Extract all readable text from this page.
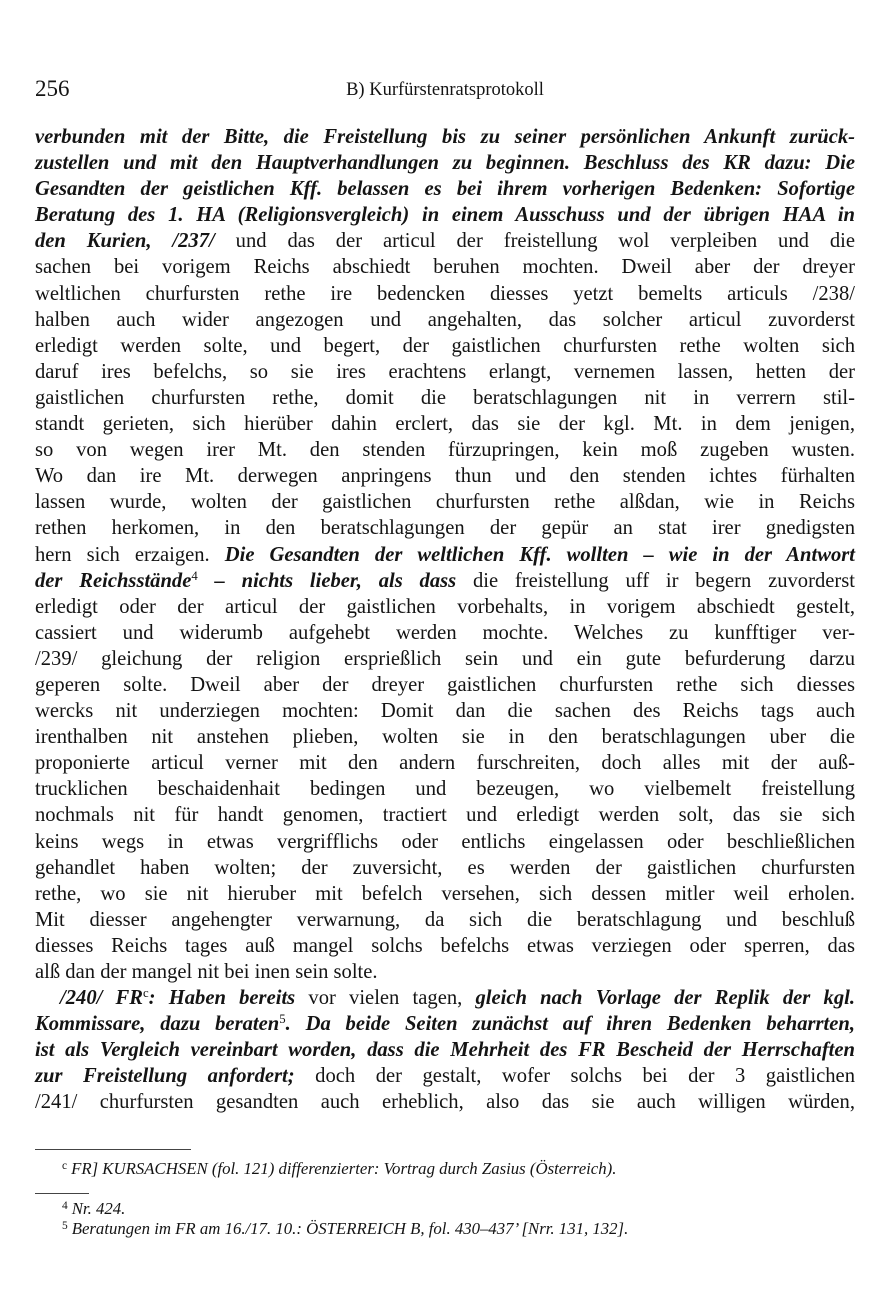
256	B) Kurfürstenratsprotokoll
verbunden mit der Bitte, die Freistellung bis zu seiner persönlichen Ankunft zurück-
zustellen und mit den Hauptverhandlungen zu beginnen. Beschluss des KR dazu: Die
Gesandten der geistlichen Kff. belassen es bei ihrem vorherigen Bedenken: Sofortige
Beratung des 1. HA (Religionsvergleich) in einem Ausschuss und der übrigen HAA in
den Kurien, /237/ und das der articul der freistellung wol verpleiben und die
sachen bei vorigem Reichs abschiedt beruhen mochten. Dweil aber der dreyer
weltlichen churfursten rethe ire bedencken diesses yetzt bemelts articuls /238/
halben auch wider angezogen und angehalten, das solcher articul zuvorderst
erledigt werden solte, und begert, der gaistlichen churfursten rethe wolten sich
daruf ires befelchs, so sie ires erachtens erlangt, vernemen lassen, hetten der
gaistlichen churfursten rethe, domit die beratschlagungen nit in verrern stil-
standt gerieten, sich hierüber dahin erclert, das sie der kgl. Mt. in dem jenigen,
so von wegen irer Mt. den stenden fürzupringen, kein moß zugeben wusten.
Wo dan ire Mt. derwegen anpringens thun und den stenden ichtes fürhalten
lassen wurde, wolten der gaistlichen churfursten rethe alßdan, wie in Reichs
rethen herkomen, in den beratschlagungen der gepür an stat irer gnedigsten
hern sich erzaigen. Die Gesandten der weltlichen Kff. wollten – wie in der Antwort
der Reichsstände$^4$ – nichts lieber, als dass die freistellung uff ir begern zuvorderst
erledigt oder der articul der gaistlichen vorbehalts, in vorigem abschiedt gestelt,
cassiert und widerumb aufgehebt werden mochte. Welches zu kunfftiger ver-
/239/ gleichung der religion ersprießlich sein und ein gute befurderung darzu
geperen solte. Dweil aber der dreyer gaistlichen churfursten rethe sich diesses
wercks nit underziegen mochten: Domit dan die sachen des Reichs tags auch
irenthalben nit anstehen plieben, wolten sie in den beratschlagungen uber die
proponierte articul verner mit den andern furschreiten, doch alles mit der auß-
trucklichen beschaidenhait bedingen und bezeugen, wo vielbemelt freistellung
nochmals nit für handt genomen, tractiert und erledigt werden solt, das sie sich
keins wegs in etwas vergrifflichs oder entlichs eingelassen oder beschließlichen
gehandlet haben wolten; der zuversicht, es werden der gaistlichen churfursten
rethe, wo sie nit hieruber mit befelch versehen, sich dessen mitler weil erholen.
Mit diesser angehengter verwarnung, da sich die beratschlagung und beschluß
diesses Reichs tages auß mangel solchs befelchs etwas verziegen oder sperren, das
alß dan der mangel nit bei inen sein solte.
/240/ $FR^c$: Haben bereits vor vielen tagen, gleich nach Vorlage der Replik der kgl.
Kommissare, dazu beraten$^5$. Da beide Seiten zunächst auf ihren Bedenken beharrten,
ist als Vergleich vereinbart worden, dass die Mehrheit des FR Bescheid der Herrschaften
zur Freistellung anfordert; doch der gestalt, wofer solchs bei der 3 gaistlichen
/241/ churfursten gesandten auch erheblich, also das sie auch willigen würden,
$^c$ FR] KURSACHSEN (fol. 121) differenzierter: Vortrag durch Zasius (Österreich).
$^4$ Nr. 424.
$^5$ Beratungen im FR am 16./17. 10.: ÖSTERREICH B, fol. 430–437’ [Nrr. 131, 132].
